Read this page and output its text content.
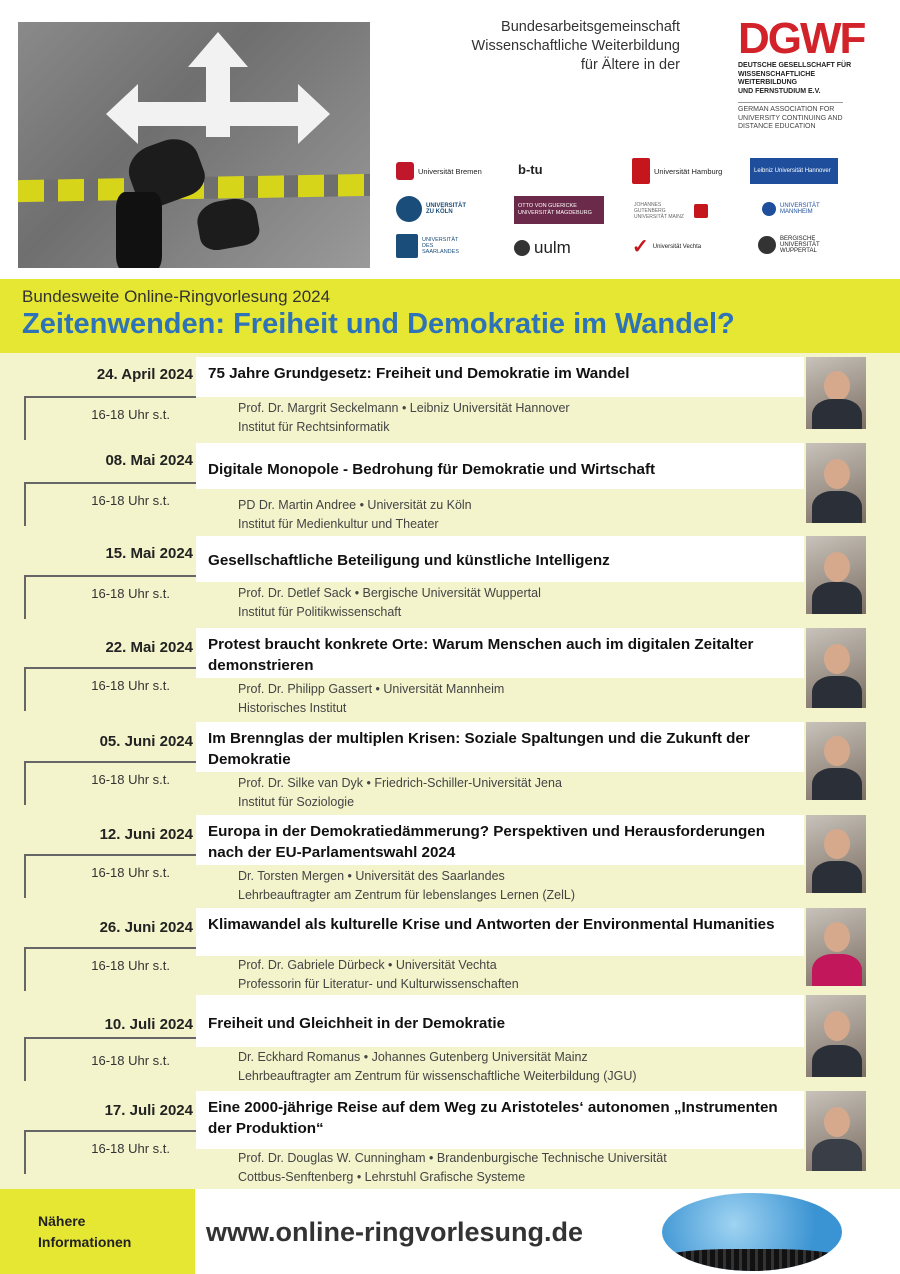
Bundesarbeitsgemeinschaft
Wissenschaftliche Weiterbildung
für Ältere in der
DGWF
DEUTSCHE GESELLSCHAFT FÜR
WISSENSCHAFTLICHE WEITERBILDUNG
UND FERNSTUDIUM E.V.
GERMAN ASSOCIATION FOR
UNIVERSITY CONTINUING AND
DISTANCE EDUCATION
Universität Bremen	b-tu	Universität Hamburg	Leibniz Universität Hannover
UNIVERSITÄT ZU KÖLN
OTTO VON GUERICKE UNIVERSITÄT MAGDEBURG
JOHANNES GUTENBERG UNIVERSITÄT MAINZ
UNIVERSITÄT MANNHEIM
UNIVERSITÄT DES SAARLANDES	uulm	✓ Universität Vechta
BERGISCHE UNIVERSITÄT WUPPERTAL
Bundesweite Online-Ringvorlesung 2024
Zeitenwenden: Freiheit und Demokratie im Wandel?
24. April 2024
16-18 Uhr s.t.
75 Jahre Grundgesetz: Freiheit und Demokratie im Wandel
Prof. Dr. Margrit Seckelmann • Leibniz Universität Hannover
Institut für Rechtsinformatik
08. Mai 2024
16-18 Uhr s.t.
Digitale Monopole - Bedrohung für Demokratie und Wirtschaft
PD Dr. Martin Andree • Universität zu Köln
Institut für Medienkultur und Theater
15. Mai 2024
16-18 Uhr s.t.
Gesellschaftliche Beteiligung und künstliche Intelligenz
Prof. Dr. Detlef Sack • Bergische Universität Wuppertal
Institut für Politikwissenschaft
22. Mai 2024
16-18 Uhr s.t.
Protest braucht konkrete Orte: Warum Menschen auch im digitalen Zeitalter demonstrieren
Prof. Dr. Philipp Gassert • Universität Mannheim
Historisches Institut
05. Juni 2024
16-18 Uhr s.t.
Im Brennglas der multiplen Krisen: Soziale Spaltungen und die Zukunft der Demokratie
Prof. Dr. Silke van Dyk • Friedrich-Schiller-Universität Jena
Institut für Soziologie
12. Juni 2024
16-18 Uhr s.t.
Europa in der Demokratiedämmerung? Perspektiven und Herausforderungen nach der EU-Parlamentswahl 2024
Dr. Torsten Mergen • Universität des Saarlandes
Lehrbeauftragter am Zentrum für lebenslanges Lernen (ZelL)
26. Juni 2024
16-18 Uhr s.t.
Klimawandel als kulturelle Krise und Antworten der Environmental Humanities
Prof. Dr. Gabriele Dürbeck • Universität Vechta
Professorin für Literatur- und Kulturwissenschaften
10. Juli 2024
16-18 Uhr s.t.
Freiheit und Gleichheit in der Demokratie
Dr. Eckhard Romanus • Johannes Gutenberg Universität Mainz
Lehrbeauftragter am Zentrum für wissenschaftliche Weiterbildung (JGU)
17. Juli 2024
16-18 Uhr s.t.
Eine 2000-jährige Reise auf dem Weg zu Aristoteles‘ autonomen „Instrumenten der Produktion“
Prof. Dr. Douglas W. Cunningham • Brandenburgische Technische Universität
Cottbus-Senftenberg • Lehrstuhl Grafische Systeme
Nähere
Informationen	www.online-ringvorlesung.de
